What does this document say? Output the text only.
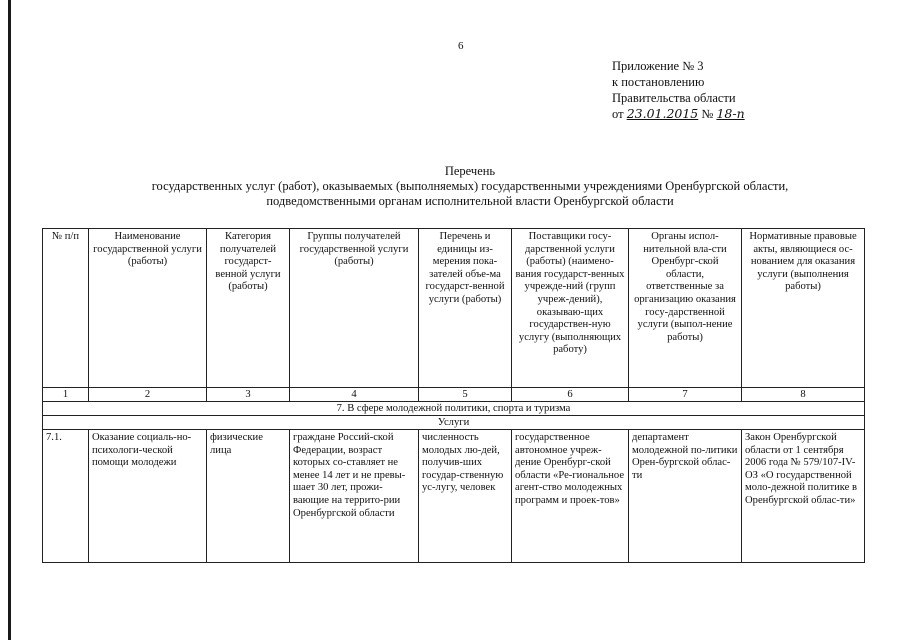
6
Приложение № 3
к постановлению
Правительства области
от 23.01.2015 № 18-п
Перечень
государственных услуг (работ), оказываемых (выполняемых) государственными учреждениями Оренбургской области,
подведомственными органам исполнительной власти Оренбургской области
№ п/п	Наименование государственной услуги (работы)	Категория получателей государст-венной услуги (работы)	Группы получателей государственной услуги (работы)	Перечень и единицы из-мерения пока-зателей объе-ма государст-венной услуги (работы)	Поставщики госу-дарственной услуги (работы) (наимено-вания государст-венных учрежде-ний (групп учреж-дений), оказываю-щих государствен-ную услугу (выполняющих работу)	Органы испол-нительной вла-сти Оренбург-ской области, ответственные за организацию оказания госу-дарственной услуги (выпол-нение работы)	Нормативные правовые акты, являющиеся ос-нованием для оказания услуги (выполнения работы)
1	2	3	4	5	6	7	8
7. В сфере молодежной политики, спорта и туризма							
Услуги							
7.1.	Оказание социаль-но-психологи-ческой помощи молодежи	физические лица	граждане Россий-ской Федерации, возраст которых со-ставляет не менее 14 лет и не превы-шает 30 лет, прожи-вающие на террито-рии Оренбургской области	численность молодых лю-дей, получив-ших государ-ственную ус-лугу, человек	государственное автономное учреж-дение Оренбург-ской области «Ре-гиональное агент-ство молодежных программ и проек-тов»	департамент молодежной по-литики Орен-бургской облас-ти	Закон Оренбургской области от 1 сентября 2006 года № 579/107-IV-ОЗ «О государственной моло-дежной политике в Оренбургской облас-ти»
